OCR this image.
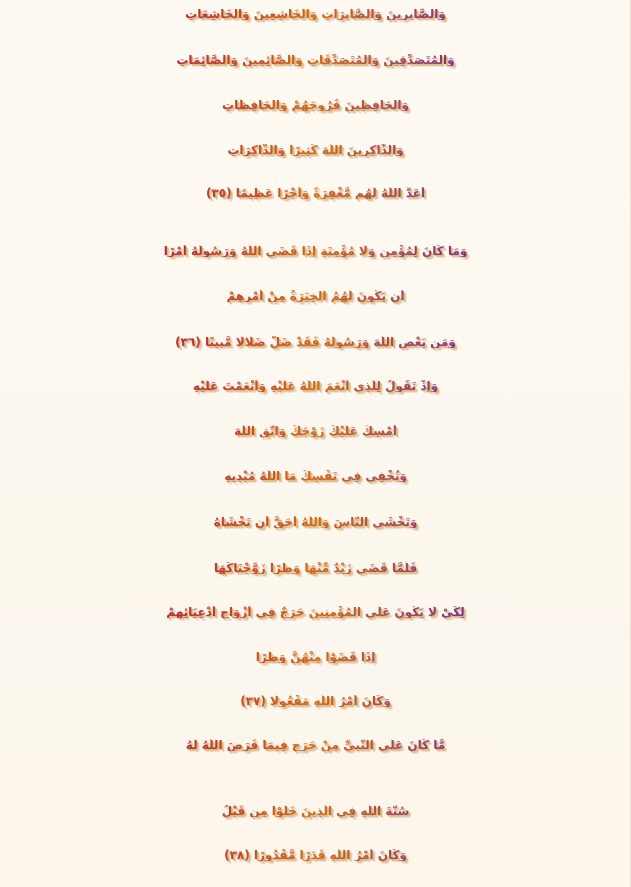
وَالصَّابِرِينَ وَالصَّابِرَاتِ وَالْخَاشِعِينَ وَالْخَاشِعَاتِ
وَالْمُتَصَدِّقِينَ وَالْمُتَصَدِّقَاتِ وَالصَّائِمِينَ وَالصَّائِمَاتِ
وَالْحَافِظِينَ فُرُوجَهُمْ وَالْحَافِظَاتِ
وَالذَّاكِرِينَ اللَّهَ كَثِيرًا وَالذَّاكِرَاتِ
أَعَدَّ اللَّهُ لَهُم مَّغْفِرَةً وَأَجْرًا عَظِيمًا (٣٥)
وَمَا كَانَ لِمُؤْمِنٍ وَلَا مُؤْمِنَةٍ إِذَا قَضَى اللَّهُ وَرَسُولُهُ أَمْرًا
أَن يَكُونَ لَهُمُ الْخِيَرَةُ مِنْ أَمْرِهِمْ
وَمَن يَعْصِ اللَّهَ وَرَسُولَهُ فَقَدْ ضَلَّ ضَلَالًا مُّبِينًا (٣٦)
وَإِذْ تَقُولُ لِلَّذِي أَنْعَمَ اللَّهُ عَلَيْهِ وَأَنْعَمْتَ عَلَيْهِ
أَمْسِكْ عَلَيْكَ زَوْجَكَ وَاتَّقِ اللَّهَ
وَتُخْفِي فِي نَفْسِكَ مَا اللَّهُ مُبْدِيهِ
وَتَخْشَى النَّاسَ وَاللَّهُ أَحَقُّ أَن تَخْشَاهُ
فَلَمَّا قَضَى زَيْدٌ مِّنْهَا وَطَرًا زَوَّجْنَاكَهَا
لِكَيْ لَا يَكُونَ عَلَى الْمُؤْمِنِينَ حَرَجٌ فِي أَزْوَاجِ أَدْعِيَائِهِمْ
إِذَا قَضَوْا مِنْهُنَّ وَطَرًا
وَكَانَ أَمْرُ اللَّهِ مَفْعُولًا (٣٧)
مَّا كَانَ عَلَى النَّبِيِّ مِنْ حَرَجٍ فِيمَا فَرَضَ اللَّهُ لَهُ
سُنَّةَ اللَّهِ فِي الَّذِينَ خَلَوْا مِن قَبْلُ
وَكَانَ أَمْرُ اللَّهِ قَدَرًا مَّقْدُورًا (٣٨)
